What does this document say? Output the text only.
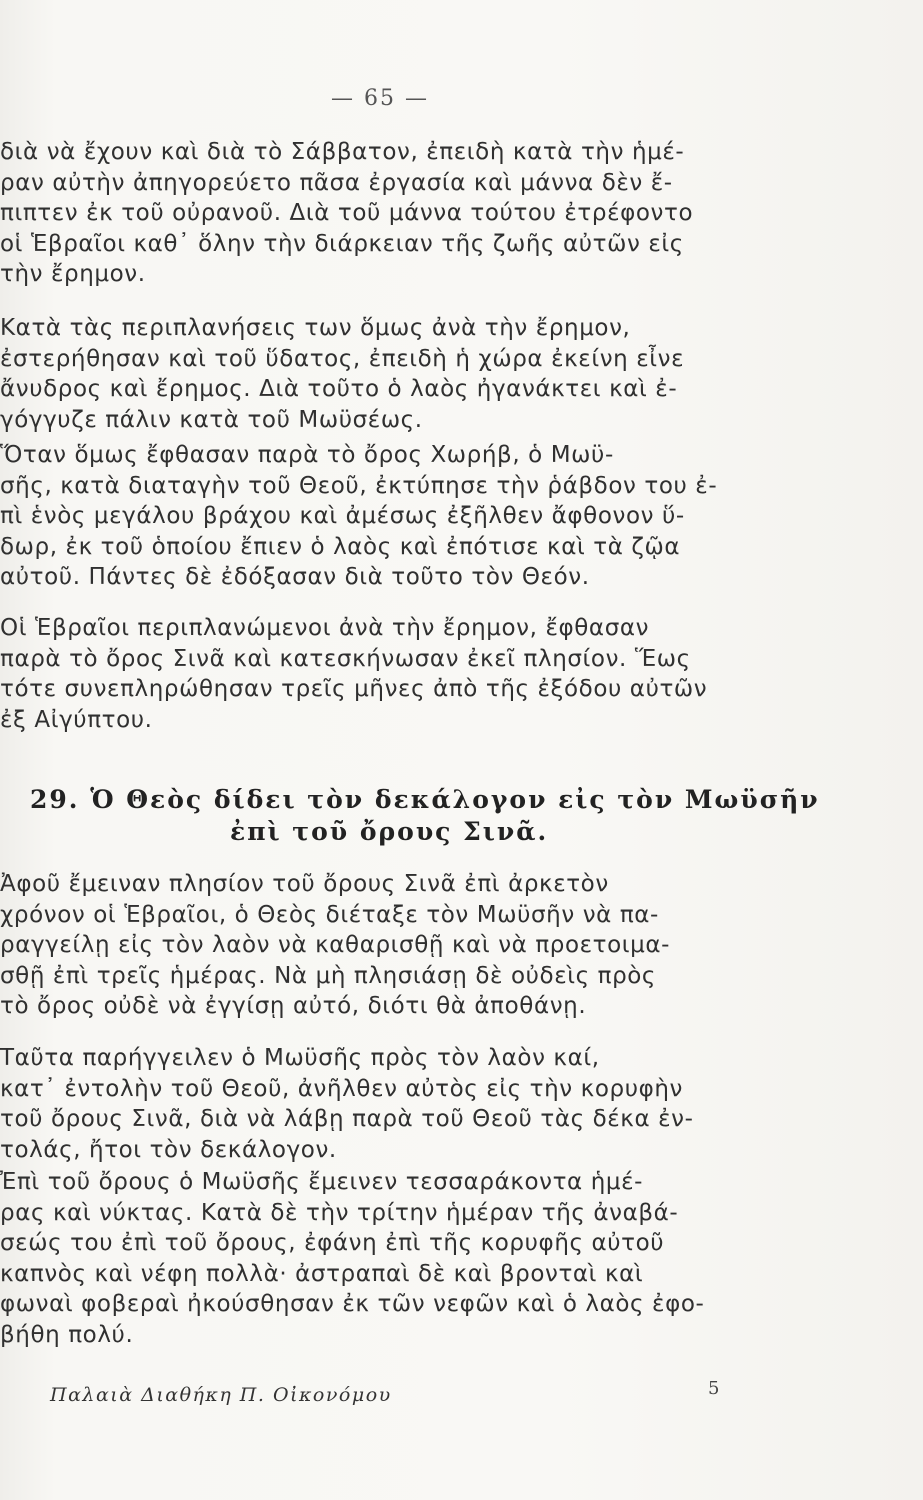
— 65 —
διὰ νὰ ἔχουν καὶ διὰ τὸ Σάββατον, ἐπειδὴ κατὰ τὴν ἡμέ-
ραν αὐτὴν ἀπηγορεύετο πᾶσα ἐργασία καὶ μάννα δὲν ἔ-
πιπτεν ἐκ τοῦ οὐρανοῦ. Διὰ τοῦ μάννα τούτου ἐτρέφοντο
οἱ Ἑβραῖοι καθ᾽ ὅλην τὴν διάρκειαν τῆς ζωῆς αὐτῶν εἰς
τὴν ἔρημον.
Κατὰ τὰς περιπλανήσεις των ὅμως ἀνὰ τὴν ἔρημον,
ἐστερήθησαν καὶ τοῦ ὕδατος, ἐπειδὴ ἡ χώρα ἐκείνη εἶνε
ἄνυδρος καὶ ἔρημος. Διὰ τοῦτο ὁ λαὸς ἠγανάκτει καὶ ἐ-
γόγγυζε πάλιν κατὰ τοῦ Μωϋσέως.
Ὅταν ὅμως ἔφθασαν παρὰ τὸ ὄρος Χωρήβ, ὁ Μωϋ-
σῆς, κατὰ διαταγὴν τοῦ Θεοῦ, ἐκτύπησε τὴν ῥάβδον του ἐ-
πὶ ἑνὸς μεγάλου βράχου καὶ ἀμέσως ἐξῆλθεν ἄφθονον ὕ-
δωρ, ἐκ τοῦ ὁποίου ἔπιεν ὁ λαὸς καὶ ἐπότισε καὶ τὰ ζῷα
αὐτοῦ. Πάντες δὲ ἐδόξασαν διὰ τοῦτο τὸν Θεόν.
Οἱ Ἑβραῖοι περιπλανώμενοι ἀνὰ τὴν ἔρημον, ἔφθασαν
παρὰ τὸ ὄρος Σινᾶ καὶ κατεσκήνωσαν ἐκεῖ πλησίον. Ἕως
τότε συνεπληρώθησαν τρεῖς μῆνες ἀπὸ τῆς ἐξόδου αὐτῶν
ἐξ Αἰγύπτου.
29. Ὁ Θεὸς δίδει τὸν δεκάλογον εἰς τὸν Μωϋσῆν
ἐπὶ τοῦ ὄρους Σινᾶ.
Ἀφοῦ ἔμειναν πλησίον τοῦ ὄρους Σινᾶ ἐπὶ ἀρκετὸν
χρόνον οἱ Ἑβραῖοι, ὁ Θεὸς διέταξε τὸν Μωϋσῆν νὰ πα-
ραγγείλῃ εἰς τὸν λαὸν νὰ καθαρισθῇ καὶ νὰ προετοιμα-
σθῇ ἐπὶ τρεῖς ἡμέρας. Νὰ μὴ πλησιάσῃ δὲ οὐδεὶς πρὸς
τὸ ὄρος οὐδὲ νὰ ἐγγίσῃ αὐτό, διότι θὰ ἀποθάνῃ.
Ταῦτα παρήγγειλεν ὁ Μωϋσῆς πρὸς τὸν λαὸν καί,
κατ᾽ ἐντολὴν τοῦ Θεοῦ, ἀνῆλθεν αὐτὸς εἰς τὴν κορυφὴν
τοῦ ὄρους Σινᾶ, διὰ νὰ λάβῃ παρὰ τοῦ Θεοῦ τὰς δέκα ἐν-
τολάς, ἤτοι τὸν δεκάλογον.
Ἐπὶ τοῦ ὄρους ὁ Μωϋσῆς ἔμεινεν τεσσαράκοντα ἡμέ-
ρας καὶ νύκτας. Κατὰ δὲ τὴν τρίτην ἡμέραν τῆς ἀναβά-
σεώς του ἐπὶ τοῦ ὄρους, ἐφάνη ἐπὶ τῆς κορυφῆς αὐτοῦ
καπνὸς καὶ νέφη πολλὰ· ἀστραπαὶ δὲ καὶ βρονταὶ καὶ
φωναὶ φοβεραὶ ἠκούσθησαν ἐκ τῶν νεφῶν καὶ ὁ λαὸς ἐφο-
βήθη πολύ.
Παλαιὰ Διαθήκη Π. Οἰκονόμου	5
